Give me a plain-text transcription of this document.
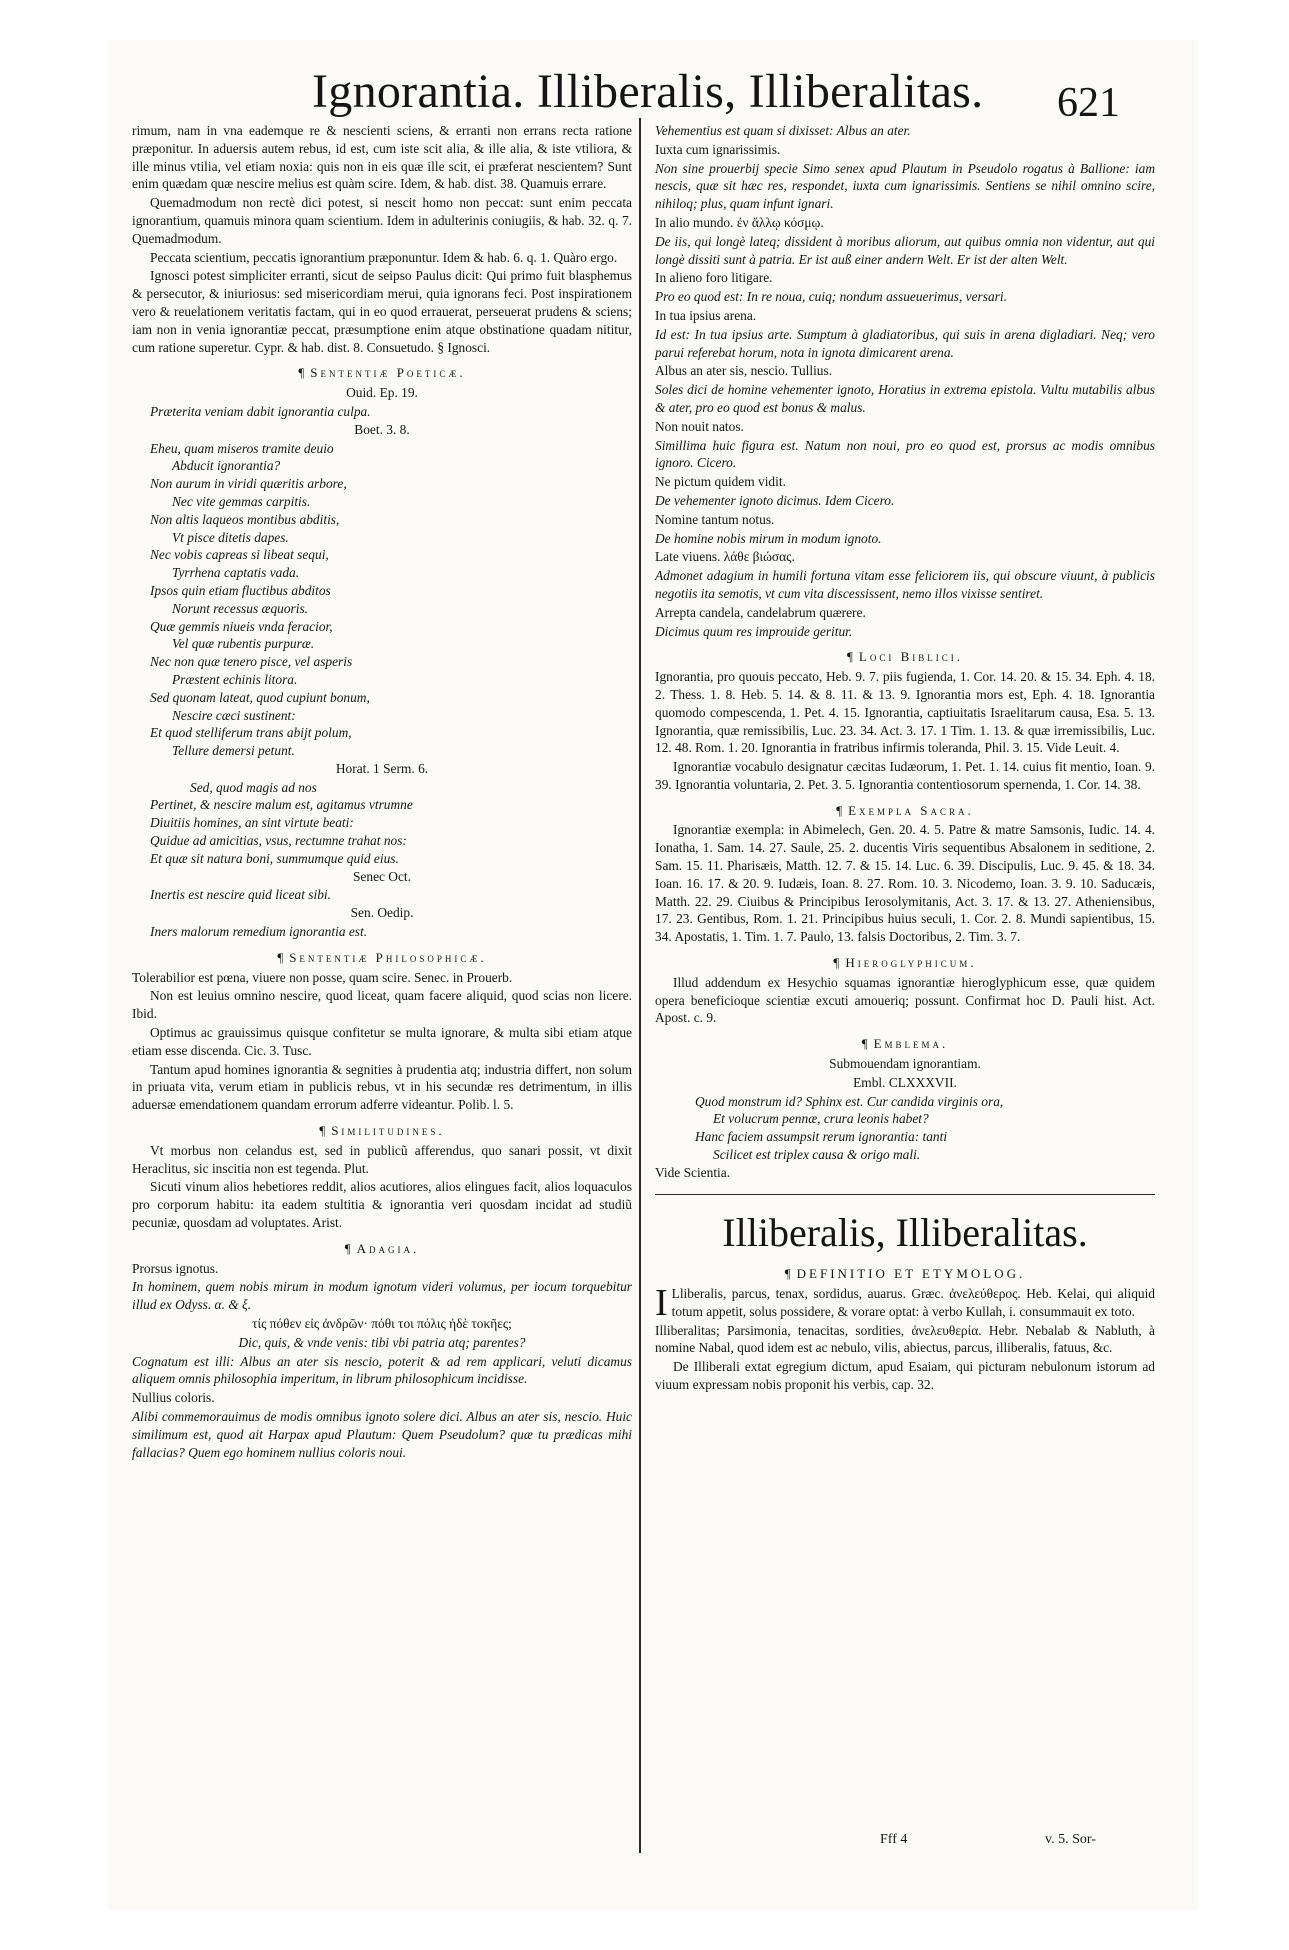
Ignorantia. Illiberalis, Illiberalitas. 621

rimum, nam in vna eademque re & nescienti sciens, & erranti non errans recta ratione præponitur. In aduersis autem rebus, id est, cum iste scit alia, & ille alia, & iste vtiliora, & ille minus vtilia, vel etiam noxia: quis non in eis quæ ille scit, ei præferat nescientem? Sunt enim quædam quæ nescire melius est quàm scire. Idem, & hab. dist. 38. Quamuis errare.

Quemadmodum non rectè dici potest, si nescit homo non peccat: sunt enim peccata ignorantium, quamuis minora quam scientium. Idem in adulterinis coniugiis, & hab. 32. q. 7. Quemadmodum.

Peccata scientium, peccatis ignorantium præponuntur. Idem & hab. 6. q. 1. Quàro ergo.

Ignosci potest simpliciter erranti, sicut de seipso Paulus dicit: Qui primo fuit blasphemus & persecutor, & iniuriosus: sed misericordiam merui, quia ignorans feci. Post inspirationem vero & reuelationem veritatis factam, qui in eo quod errauerat, perseuerat prudens & sciens; iam non in venia ignorantiæ peccat, præsumptione enim atque obstinatione quadam nititur, cum ratione superetur. Cypr. & hab. dist. 8. Consuetudo. § Ignosci.

¶ Sententiæ Poeticæ.

Ouid. Ep. 19.

Præterita veniam dabit ignorantia culpa.

Boet. 3. 8.

Eheu, quam miseros tramite deuio

Abducit ignorantia?

Non aurum in viridi quæritis arbore,

Nec vite gemmas carpitis.

Non altis laqueos montibus abditis,

Vt pisce ditetis dapes.

Nec vobis capreas si libeat sequi,

Tyrrhena captatis vada.

Ipsos quin etiam fluctibus abditos

Norunt recessus æquoris.

Quæ gemmis niueis vnda feracior,

Vel quæ rubentis purpuræ.

Nec non quæ tenero pisce, vel asperis

Præstent echinis litora.

Sed quonam lateat, quod cupiunt bonum,

Nescire cæci sustinent:

Et quod stelliferum trans abijt polum,

Tellure demersi petunt.

Horat. 1 Serm. 6.

Sed, quod magis ad nos

Pertinet, & nescire malum est, agitamus vtrumne

Diuitiis homines, an sint virtute beati:

Quidue ad amicitias, vsus, rectumne trahat nos:

Et quæ sit natura boni, summumque quid eius.

Senec Oct.

Inertis est nescire quid liceat sibi.

Sen. Oedip.

Iners malorum remedium ignorantia est.

¶ Sententiæ Philosophicæ.

Tolerabilior est pœna, viuere non posse, quam scire. Senec. in Prouerb.

Non est leuius omnino nescire, quod liceat, quam facere aliquid, quod scias non licere. Ibid.

Optimus ac grauissimus quisque confitetur se multa ignorare, & multa sibi etiam atque etiam esse discenda. Cic. 3. Tusc.

Tantum apud homines ignorantia & segnities à prudentia atq; industria differt, non solum in priuata vita, verum etiam in publicis rebus, vt in his secundæ res detrimentum, in illis aduersæ emendationem quandam errorum adferre videantur. Polib. l. 5.

¶ Similitudines.

Vt morbus non celandus est, sed in publicũ afferendus, quo sanari possit, vt dixit Heraclitus, sic inscitia non est tegenda. Plut.

Sicuti vinum alios hebetiores reddit, alios acutiores, alios elingues facit, alios loquaculos pro corporum habitu: ita eadem stultitia & ignorantia veri quosdam incidat ad studiũ pecuniæ, quosdam ad voluptates. Arist.

¶ Adagia.

Prorsus ignotus.

In hominem, quem nobis mirum in modum ignotum videri volumus, per iocum torquebitur illud ex Odyss. α. & ξ.

τίς πόθεν εἰς ἀνδρῶν· πόθι τοι πόλις ἠδὲ τοκῆες;

Dic, quis, & vnde venis: tibi vbi patria atq; parentes?

Cognatum est illi: Albus an ater sis nescio, poterit & ad rem applicari, veluti dicamus aliquem omnis philosophia imperitum, in librum philosophicum incidisse.

Nullius coloris.

Alibi commemorauimus de modis omnibus ignoto solere dici. Albus an ater sis, nescio. Huic similimum est, quod ait Harpax apud Plautum: Quem Pseudolum? quæ tu prædicas mihi fallacias? Quem ego hominem nullius coloris noui.

Vehementius est quam si dixisset: Albus an ater.

Iuxta cum ignarissimis.

Non sine prouerbij specie Simo senex apud Plautum in Pseudolo rogatus à Ballione: iam nescis, quæ sit hæc res, respondet, iuxta cum ignarissimis. Sentiens se nihil omnino scire, nihiloq; plus, quam infunt ignari.

In alio mundo. ἐν ἄλλῳ κόσμῳ.

De iis, qui longè lateq; dissident à moribus aliorum, aut quibus omnia non videntur, aut qui longè dissiti sunt à patria. Er ist auß einer andern Welt. Er ist der alten Welt.

In alieno foro litigare.

Pro eo quod est: In re noua, cuiq; nondum assueuerimus, versari.

In tua ipsius arena.

Id est: In tua ipsius arte. Sumptum à gladiatoribus, qui suis in arena digladiari. Neq; vero parui referebat horum, nota in ignota dimicarent arena.

Albus an ater sis, nescio. Tullius.

Soles dici de homine vehementer ignoto, Horatius in extrema epistola. Vultu mutabilis albus & ater, pro eo quod est bonus & malus.

Non nouit natos.

Simillima huic figura est. Natum non noui, pro eo quod est, prorsus ac modis omnibus ignoro. Cicero.

Ne pictum quidem vidit.

De vehementer ignoto dicimus. Idem Cicero.

Nomine tantum notus.

De homine nobis mirum in modum ignoto.

Late viuens. λάθε βιώσας.

Admonet adagium in humili fortuna vitam esse feliciorem iis, qui obscure viuunt, à publicis negotiis ita semotis, vt cum vita discessissent, nemo illos vixisse sentiret.

Arrepta candela, candelabrum quærere.

Dicimus quum res improuide geritur.

¶ Loci Biblici.

Ignorantia, pro quouis peccato, Heb. 9. 7. piis fugienda, 1. Cor. 14. 20. & 15. 34. Eph. 4. 18. 2. Thess. 1. 8. Heb. 5. 14. & 8. 11. & 13. 9. Ignorantia mors est, Eph. 4. 18. Ignorantia quomodo compescenda, 1. Pet. 4. 15. Ignorantia, captiuitatis Israelitarum causa, Esa. 5. 13. Ignorantia, quæ remissibilis, Luc. 23. 34. Act. 3. 17. 1 Tim. 1. 13. & quæ irremissibilis, Luc. 12. 48. Rom. 1. 20. Ignorantia in fratribus infirmis toleranda, Phil. 3. 15. Vide Leuit. 4.

Ignorantiæ vocabulo designatur cæcitas Iudæorum, 1. Pet. 1. 14. cuius fit mentio, Ioan. 9. 39. Ignorantia voluntaria, 2. Pet. 3. 5. Ignorantia contentiosorum spernenda, 1. Cor. 14. 38.

¶ Exempla Sacra.

Ignorantiæ exempla: in Abimelech, Gen. 20. 4. 5. Patre & matre Samsonis, Iudic. 14. 4. Ionatha, 1. Sam. 14. 27. Saule, 25. 2. ducentis Viris sequentibus Absalonem in seditione, 2. Sam. 15. 11. Pharisæis, Matth. 12. 7. & 15. 14. Luc. 6. 39. Discipulis, Luc. 9. 45. & 18. 34. Ioan. 16. 17. & 20. 9. Iudæis, Ioan. 8. 27. Rom. 10. 3. Nicodemo, Ioan. 3. 9. 10. Saducæis, Matth. 22. 29. Ciuibus & Principibus Ierosolymitanis, Act. 3. 17. & 13. 27. Atheniensibus, 17. 23. Gentibus, Rom. 1. 21. Principibus huius seculi, 1. Cor. 2. 8. Mundi sapientibus, 15. 34. Apostatis, 1. Tim. 1. 7. Paulo, 13. falsis Doctoribus, 2. Tim. 3. 7.

¶ Hieroglyphicum.

Illud addendum ex Hesychio squamas ignorantiæ hieroglyphicum esse, quæ quidem opera beneficioque scientiæ excuti amoueriq; possunt. Confirmat hoc D. Pauli hist. Act. Apost. c. 9.

¶ Emblema.

Submouendam ignorantiam.

Embl. CLXXXVII.

Quod monstrum id? Sphinx est. Cur candida virginis ora,

Et volucrum pennæ, crura leonis habet?

Hanc faciem assumpsit rerum ignorantia: tanti

Scilicet est triplex causa & origo mali.

Vide Scientia.

Illiberalis, Illiberalitas.
¶ DEFINITIO ET ETYMOLOG.

I Lliberalis, parcus, tenax, sordidus, auarus. Græc. ἀνελεύθερος. Heb. Kelai, qui aliquid totum appetit, solus possidere, & vorare optat: à verbo Kullah, i. consummauit ex toto.

Illiberalitas; Parsimonia, tenacitas, sordities, ἀνελευθερία. Hebr. Nebalab & Nabluth, à nomine Nabal, quod idem est ac nebulo, vilis, abiectus, parcus, illiberalis, fatuus, &c.

De Illiberali extat egregium dictum, apud Esaiam, qui picturam nebulonum istorum ad viuum expressam nobis proponit his verbis, cap. 32.

Fff 4	v. 5. Sor-
